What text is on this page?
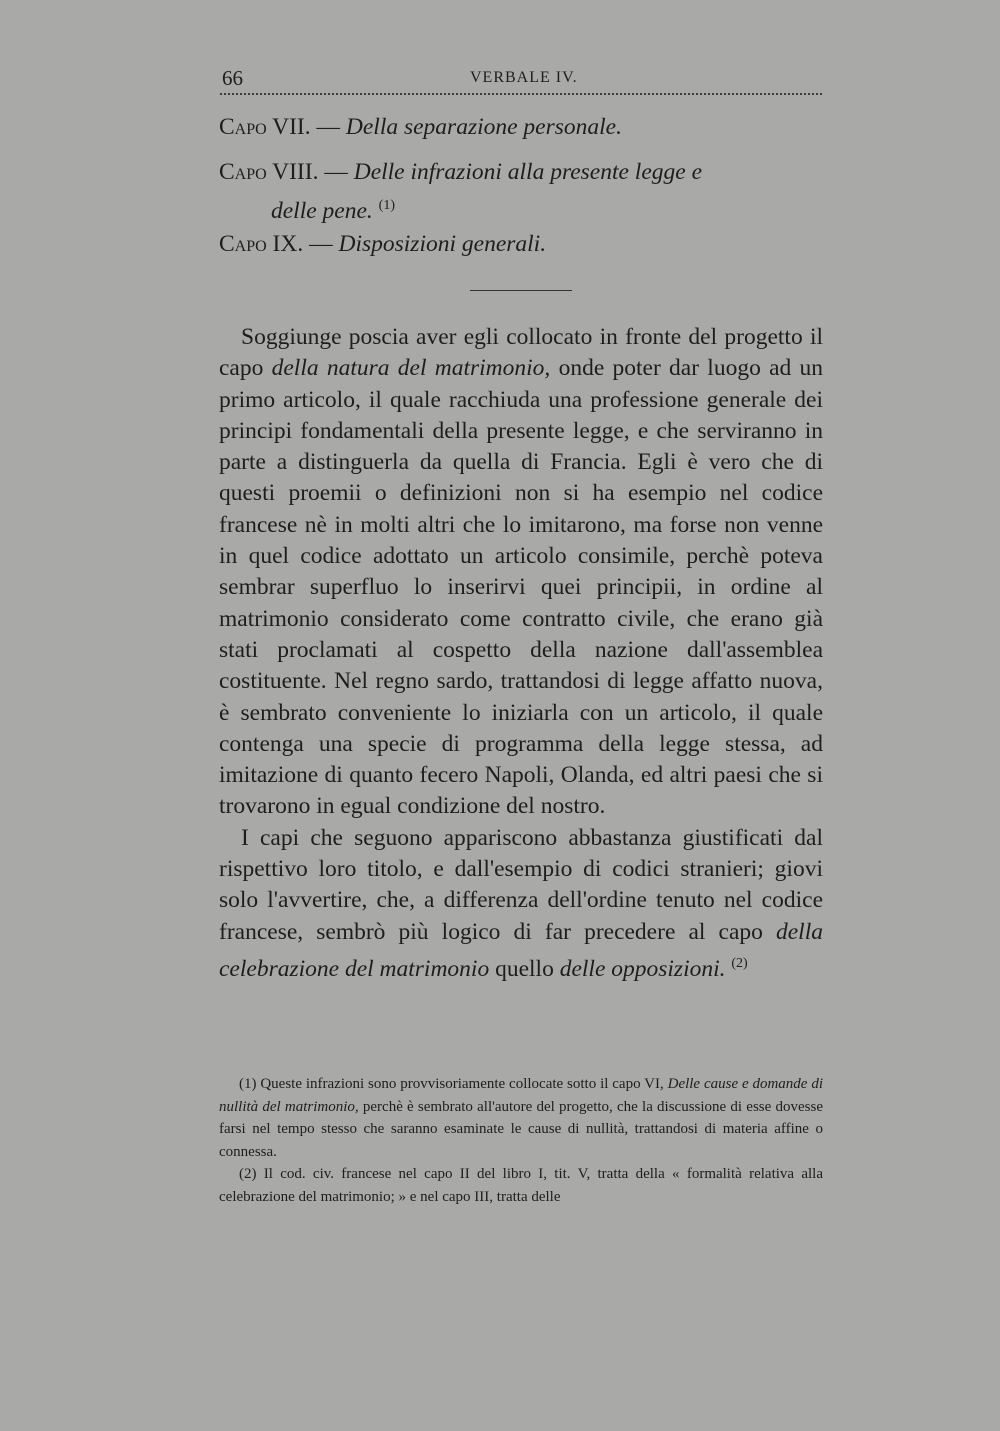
66	VERBALE IV.
Capo VII. — Della separazione personale.
Capo VIII. — Delle infrazioni alla presente legge e
delle pene. $^{(1)}$
Capo IX. — Disposizioni generali.

Soggiunge poscia aver egli collocato in fronte del progetto il capo della natura del matrimonio, onde poter dar luogo ad un primo articolo, il quale racchiuda una professione generale dei principi fondamentali della presente legge, e che serviranno in parte a distinguerla da quella di Francia. Egli è vero che di questi proemii o definizioni non si ha esempio nel codice francese nè in molti altri che lo imitarono, ma forse non venne in quel codice adottato un articolo consimile, perchè poteva sembrar superfluo lo inserirvi quei principii, in ordine al matrimonio considerato come contratto civile, che erano già stati proclamati al cospetto della nazione dall'assemblea costituente. Nel regno sardo, trattandosi di legge affatto nuova, è sembrato conveniente lo iniziarla con un articolo, il quale contenga una specie di programma della legge stessa, ad imitazione di quanto fecero Napoli, Olanda, ed altri paesi che si trovarono in egual condizione del nostro.

I capi che seguono appariscono abbastanza giustificati dal rispettivo loro titolo, e dall'esempio di codici stranieri; giovi solo l'avvertire, che, a differenza dell'ordine tenuto nel codice francese, sembrò più logico di far precedere al capo della celebrazione del matrimonio quello delle opposizioni. $^{(2)}$

(1) Queste infrazioni sono provvisoriamente collocate sotto il capo VI, Delle cause e domande di nullità del matrimonio, perchè è sembrato all'autore del progetto, che la discussione di esse dovesse farsi nel tempo stesso che saranno esaminate le cause di nullità, trattandosi di materia affine o connessa.

(2) Il cod. civ. francese nel capo II del libro I, tit. V, tratta della « formalità relativa alla celebrazione del matrimonio; » e nel capo III, tratta delle
